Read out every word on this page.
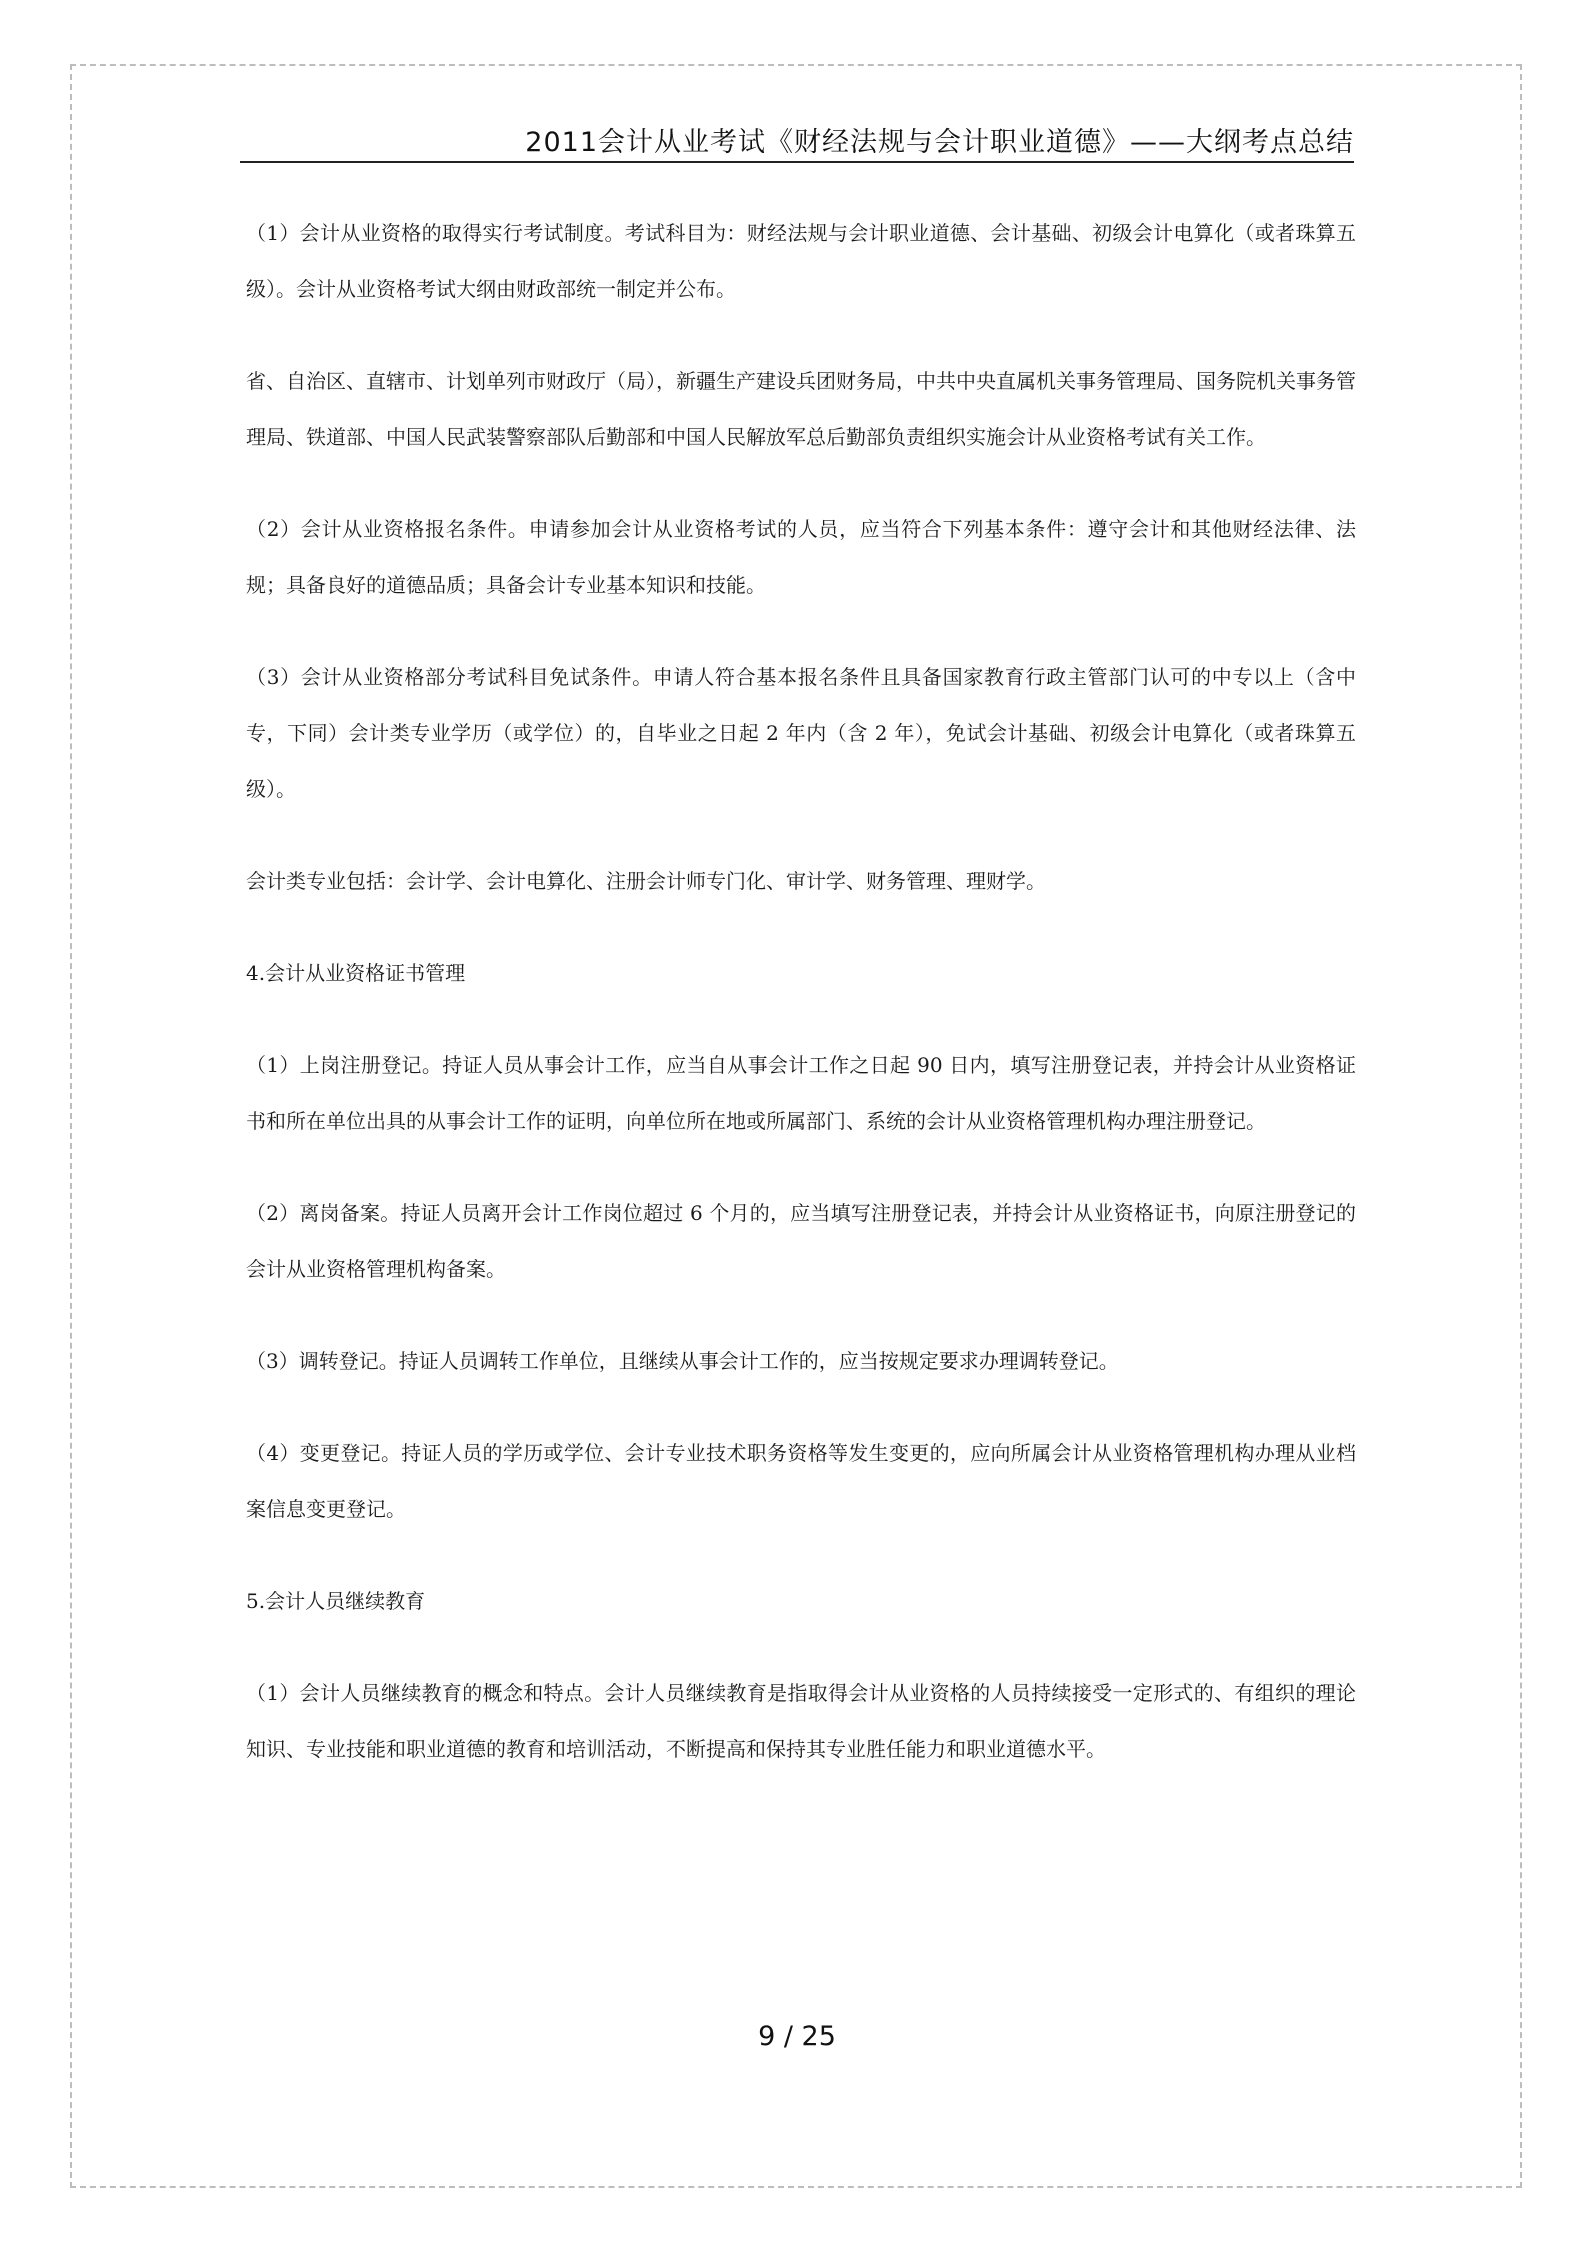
2011会计从业考试《财经法规与会计职业道德》——大纲考点总结

（1）会计从业资格的取得实行考试制度。考试科目为：财经法规与会计职业道德、会计基础、初级会计电算化（或者珠算五级）。会计从业资格考试大纲由财政部统一制定并公布。

省、自治区、直辖市、计划单列市财政厅（局），新疆生产建设兵团财务局，中共中央直属机关事务管理局、国务院机关事务管理局、铁道部、中国人民武装警察部队后勤部和中国人民解放军总后勤部负责组织实施会计从业资格考试有关工作。

（2）会计从业资格报名条件。申请参加会计从业资格考试的人员，应当符合下列基本条件：遵守会计和其他财经法律、法规；具备良好的道德品质；具备会计专业基本知识和技能。

（3）会计从业资格部分考试科目免试条件。申请人符合基本报名条件且具备国家教育行政主管部门认可的中专以上（含中专，下同）会计类专业学历（或学位）的，自毕业之日起 2 年内（含 2 年），免试会计基础、初级会计电算化（或者珠算五级）。

会计类专业包括：会计学、会计电算化、注册会计师专门化、审计学、财务管理、理财学。

4.会计从业资格证书管理

（1）上岗注册登记。持证人员从事会计工作，应当自从事会计工作之日起 90 日内，填写注册登记表，并持会计从业资格证书和所在单位出具的从事会计工作的证明，向单位所在地或所属部门、系统的会计从业资格管理机构办理注册登记。

（2）离岗备案。持证人员离开会计工作岗位超过 6 个月的，应当填写注册登记表，并持会计从业资格证书，向原注册登记的会计从业资格管理机构备案。

（3）调转登记。持证人员调转工作单位，且继续从事会计工作的，应当按规定要求办理调转登记。

（4）变更登记。持证人员的学历或学位、会计专业技术职务资格等发生变更的，应向所属会计从业资格管理机构办理从业档案信息变更登记。

5.会计人员继续教育

（1）会计人员继续教育的概念和特点。会计人员继续教育是指取得会计从业资格的人员持续接受一定形式的、有组织的理论知识、专业技能和职业道德的教育和培训活动，不断提高和保持其专业胜任能力和职业道德水平。

9 / 25
